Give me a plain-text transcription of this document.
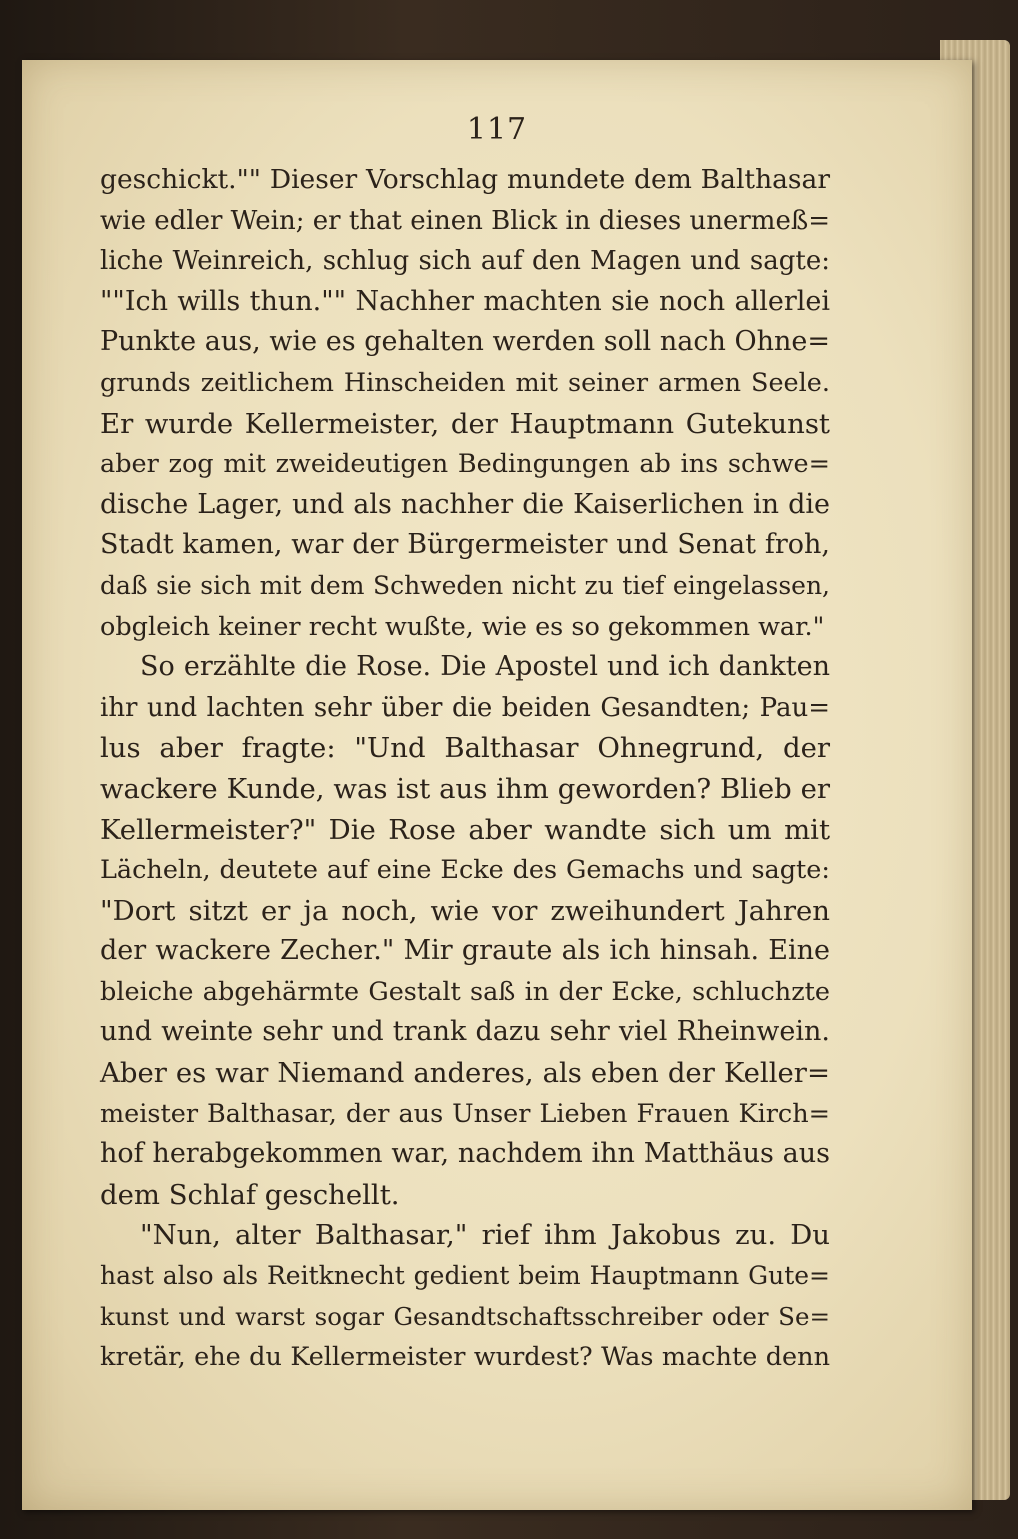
117
geschickt."" Dieser Vorschlag mundete dem Balthasar
wie edler Wein; er that einen Blick in dieses unermeß=
liche Weinreich, schlug sich auf den Magen und sagte:
""Ich wills thun."" Nachher machten sie noch allerlei
Punkte aus, wie es gehalten werden soll nach Ohne=
grunds zeitlichem Hinscheiden mit seiner armen Seele.
Er wurde Kellermeister, der Hauptmann Gutekunst
aber zog mit zweideutigen Bedingungen ab ins schwe=
dische Lager, und als nachher die Kaiserlichen in die
Stadt kamen, war der Bürgermeister und Senat froh,
daß sie sich mit dem Schweden nicht zu tief eingelassen,
obgleich keiner recht wußte, wie es so gekommen war."
So erzählte die Rose. Die Apostel und ich dankten
ihr und lachten sehr über die beiden Gesandten; Pau=
lus aber fragte: "Und Balthasar Ohnegrund, der
wackere Kunde, was ist aus ihm geworden? Blieb er
Kellermeister?" Die Rose aber wandte sich um mit
Lächeln, deutete auf eine Ecke des Gemachs und sagte:
"Dort sitzt er ja noch, wie vor zweihundert Jahren
der wackere Zecher." Mir graute als ich hinsah. Eine
bleiche abgehärmte Gestalt saß in der Ecke, schluchzte
und weinte sehr und trank dazu sehr viel Rheinwein.
Aber es war Niemand anderes, als eben der Keller=
meister Balthasar, der aus Unser Lieben Frauen Kirch=
hof herabgekommen war, nachdem ihn Matthäus aus
dem Schlaf geschellt.
"Nun, alter Balthasar," rief ihm Jakobus zu. Du
hast also als Reitknecht gedient beim Hauptmann Gute=
kunst und warst sogar Gesandtschaftsschreiber oder Se=
kretär, ehe du Kellermeister wurdest? Was machte denn
